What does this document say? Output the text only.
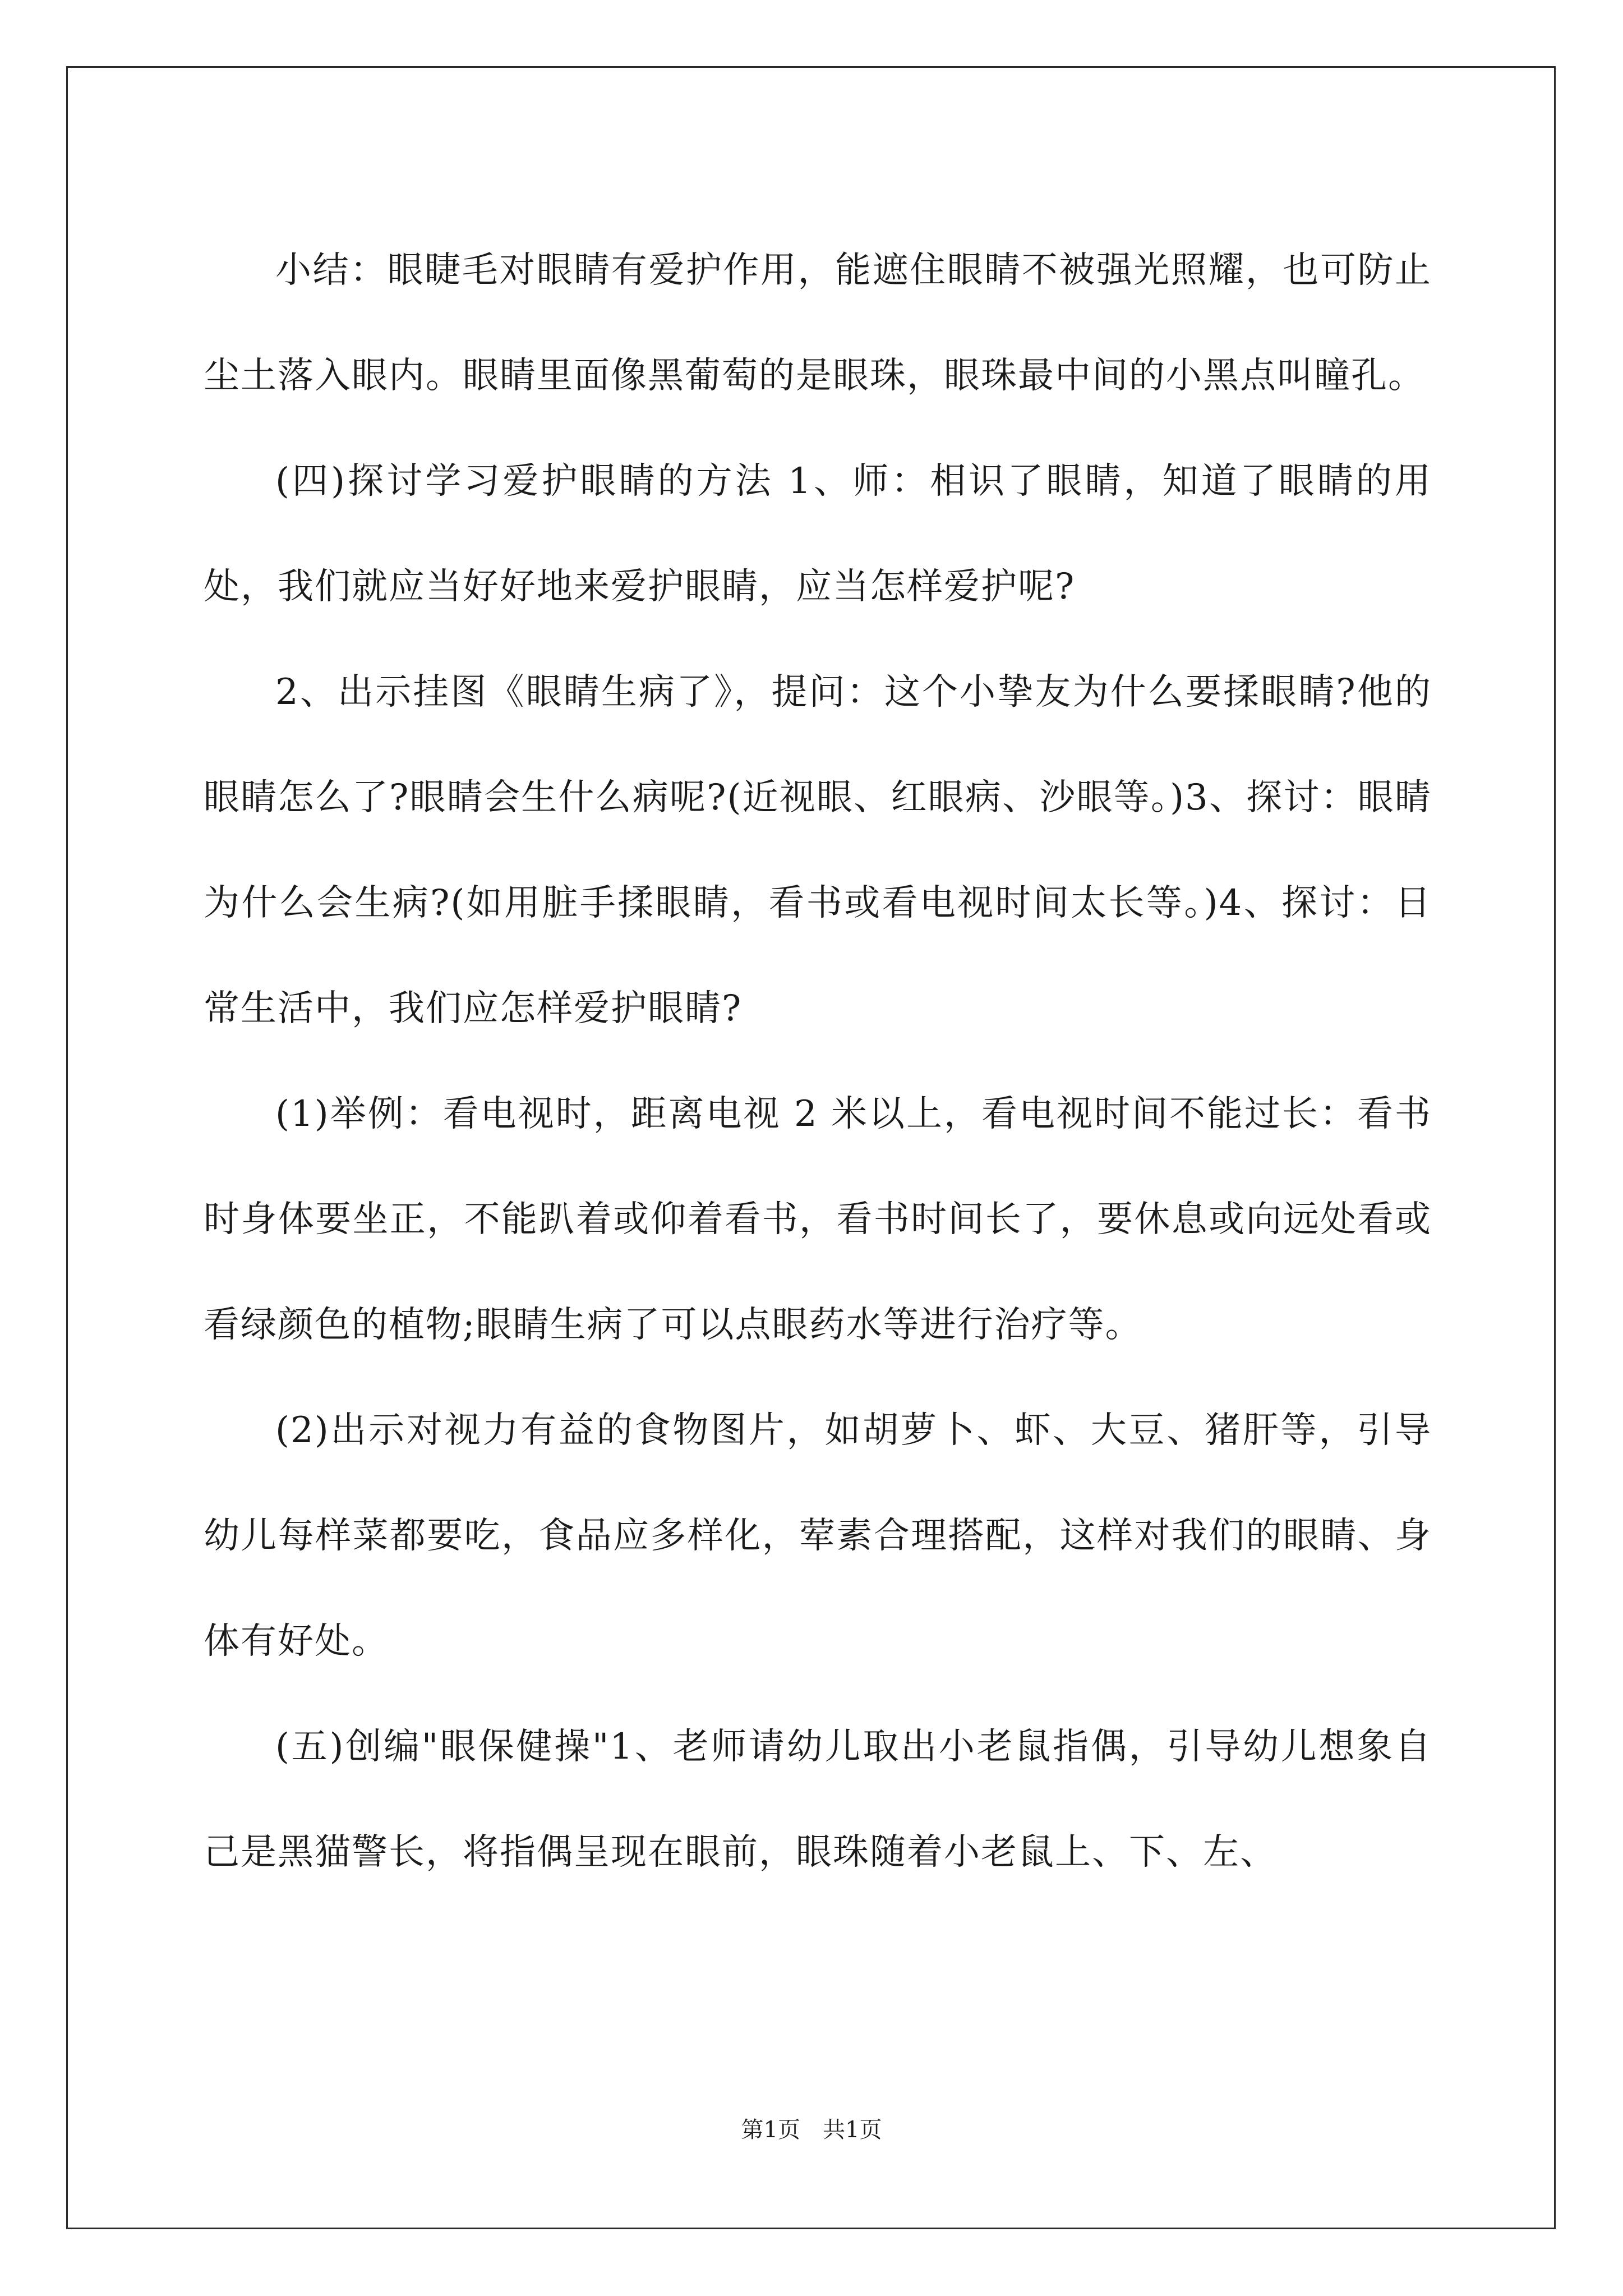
小结：眼睫毛对眼睛有爱护作用，能遮住眼睛不被强光照耀，也可防止尘土落入眼内。眼睛里面像黑葡萄的是眼珠，眼珠最中间的小黑点叫瞳孔。

(四)探讨学习爱护眼睛的方法 1、师：相识了眼睛，知道了眼睛的用处，我们就应当好好地来爱护眼睛，应当怎样爱护呢?

2、出示挂图《眼睛生病了》，提问：这个小挚友为什么要揉眼睛?他的眼睛怎么了?眼睛会生什么病呢?(近视眼、红眼病、沙眼等。)3、探讨：眼睛为什么会生病?(如用脏手揉眼睛，看书或看电视时间太长等。)4、探讨：日常生活中，我们应怎样爱护眼睛?

(1)举例：看电视时，距离电视 2 米以上，看电视时间不能过长：看书时身体要坐正，不能趴着或仰着看书，看书时间长了，要休息或向远处看或看绿颜色的植物;眼睛生病了可以点眼药水等进行治疗等。

(2)出示对视力有益的食物图片，如胡萝卜、虾、大豆、猪肝等，引导幼儿每样菜都要吃，食品应多样化，荤素合理搭配，这样对我们的眼睛、身体有好处。

(五)创编"眼保健操"1、老师请幼儿取出小老鼠指偶，引导幼儿想象自己是黑猫警长，将指偶呈现在眼前，眼珠随着小老鼠上、下、左、

第1页　共1页
